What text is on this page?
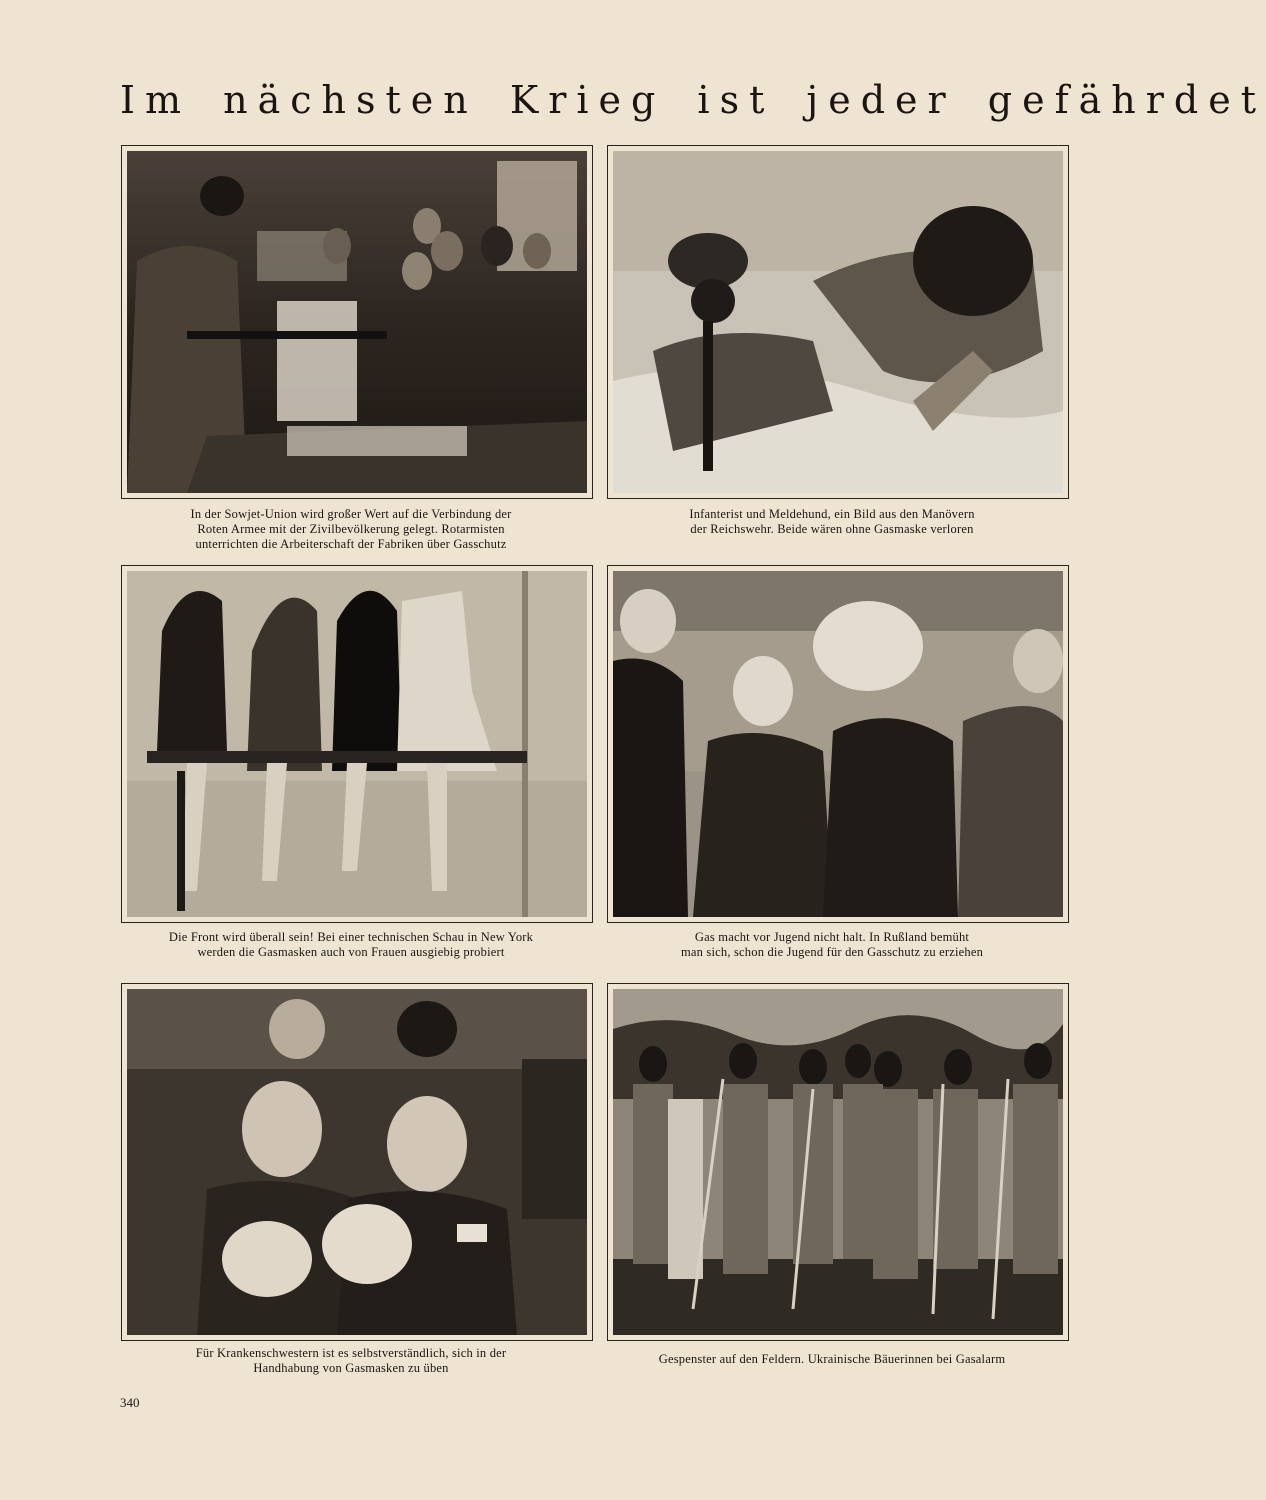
Im nächsten Krieg ist jeder gefährdet
In der Sowjet-Union wird großer Wert auf die Verbindung der
Roten Armee mit der Zivilbevölkerung gelegt. Rotarmisten
unterrichten die Arbeiterschaft der Fabriken über Gasschutz
Infanterist und Meldehund, ein Bild aus den Manövern
der Reichswehr. Beide wären ohne Gasmaske verloren
Die Front wird überall sein! Bei einer technischen Schau in New York
werden die Gasmasken auch von Frauen ausgiebig probiert
Gas macht vor Jugend nicht halt. In Rußland bemüht
man sich, schon die Jugend für den Gasschutz zu erziehen
Für Krankenschwestern ist es selbstverständlich, sich in der
Handhabung von Gasmasken zu üben
Gespenster auf den Feldern. Ukrainische Bäuerinnen bei Gasalarm
340
